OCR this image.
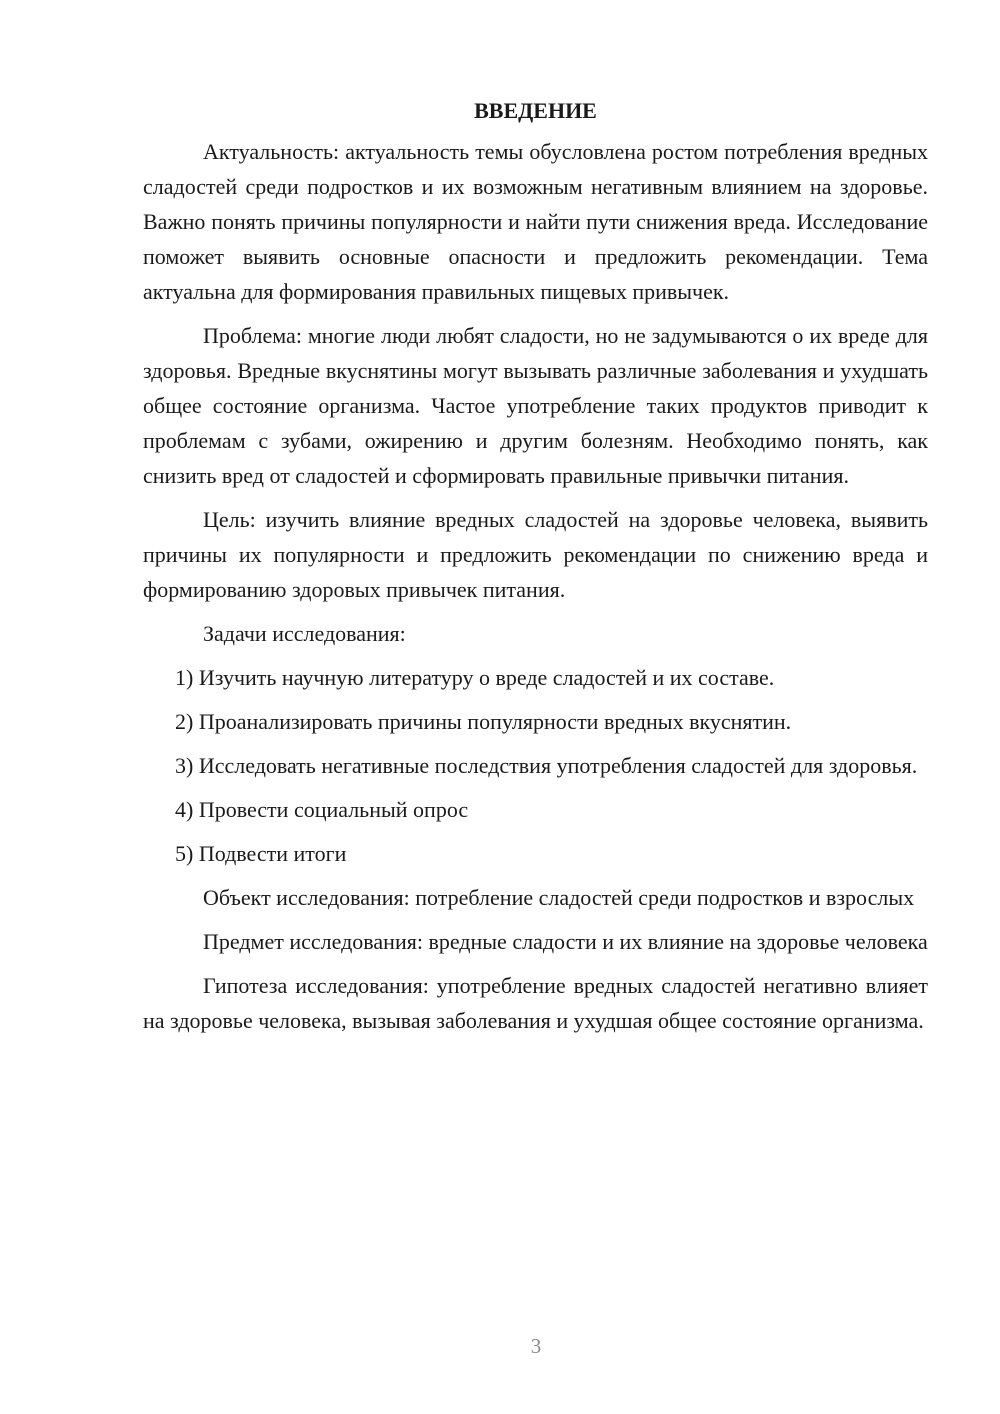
ВВЕДЕНИЕ

Актуальность: актуальность темы обусловлена ростом потребления вредных сладостей среди подростков и их возможным негативным влиянием на здоровье. Важно понять причины популярности и найти пути снижения вреда. Исследование поможет выявить основные опасности и предложить рекомендации. Тема актуальна для формирования правильных пищевых привычек.

Проблема: многие люди любят сладости, но не задумываются о их вреде для здоровья. Вредные вкуснятины могут вызывать различные заболевания и ухудшать общее состояние организма. Частое употребление таких продуктов приводит к проблемам с зубами, ожирению и другим болезням. Необходимо понять, как снизить вред от сладостей и сформировать правильные привычки питания.

Цель: изучить влияние вредных сладостей на здоровье человека, выявить причины их популярности и предложить рекомендации по снижению вреда и формированию здоровых привычек питания.

Задачи исследования:

1) Изучить научную литературу о вреде сладостей и их составе.

2) Проанализировать причины популярности вредных вкуснятин.

3) Исследовать негативные последствия употребления сладостей для здоровья.

4) Провести социальный опрос

5) Подвести итоги

Объект исследования: потребление сладостей среди подростков и взрослых

Предмет исследования: вредные сладости и их влияние на здоровье человека

Гипотеза исследования: употребление вредных сладостей негативно влияет на здоровье человека, вызывая заболевания и ухудшая общее состояние организма.

3
